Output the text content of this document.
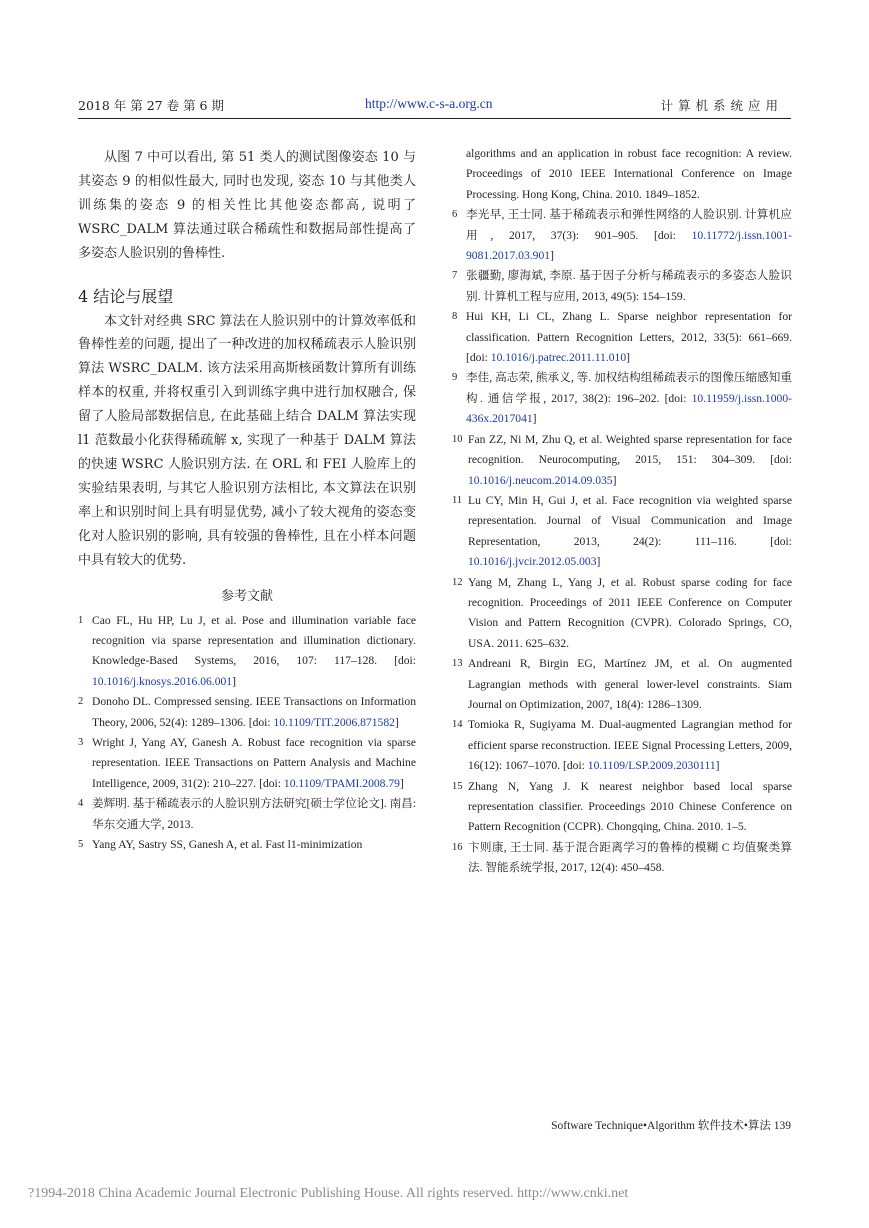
2018 年 第 27 卷 第 6 期	http://www.c-s-a.org.cn	计算机系统应用

从图 7 中可以看出, 第 51 类人的测试图像姿态 10 与其姿态 9 的相似性最大, 同时也发现, 姿态 10 与其他类人训练集的姿态 9 的相关性比其他姿态都高, 说明了 WSRC_DALM 算法通过联合稀疏性和数据局部性提高了多姿态人脸识别的鲁棒性.

4 结论与展望

本文针对经典 SRC 算法在人脸识别中的计算效率低和鲁棒性差的问题, 提出了一种改进的加权稀疏表示人脸识别算法 WSRC_DALM. 该方法采用高斯核函数计算所有训练样本的权重, 并将权重引入到训练字典中进行加权融合, 保留了人脸局部数据信息, 在此基础上结合 DALM 算法实现 l1 范数最小化获得稀疏解 x, 实现了一种基于 DALM 算法的快速 WSRC 人脸识别方法. 在 ORL 和 FEI 人脸库上的实验结果表明, 与其它人脸识别方法相比, 本文算法在识别率上和识别时间上具有明显优势, 减小了较大视角的姿态变化对人脸识别的影响, 具有较强的鲁棒性, 且在小样本问题中具有较大的优势.

参考文献
1 Cao FL, Hu HP, Lu J, et al. Pose and illumination variable face recognition via sparse representation and illumination dictionary. Knowledge-Based Systems, 2016, 107: 117–128. [doi: 10.1016/j.knosys.2016.06.001]
2 Donoho DL. Compressed sensing. IEEE Transactions on Information Theory, 2006, 52(4): 1289–1306. [doi: 10.1109/TIT.2006.871582]
3 Wright J, Yang AY, Ganesh A. Robust face recognition via sparse representation. IEEE Transactions on Pattern Analysis and Machine Intelligence, 2009, 31(2): 210–227. [doi: 10.1109/TPAMI.2008.79]
4 姜辉明. 基于稀疏表示的人脸识别方法研究[硕士学位论文]. 南昌: 华东交通大学, 2013.
5 Yang AY, Sastry SS, Ganesh A, et al. Fast l1-minimization
algorithms and an application in robust face recognition: A review. Proceedings of 2010 IEEE International Conference on Image Processing. Hong Kong, China. 2010. 1849–1852.
6 李光早, 王士同. 基于稀疏表示和弹性网络的人脸识别. 计算机应用, 2017, 37(3): 901–905. [doi: 10.11772/j.issn.1001-9081.2017.03.901]
7 张疆勤, 廖海斌, 李原. 基于因子分析与稀疏表示的多姿态人脸识别. 计算机工程与应用, 2013, 49(5): 154–159.
8 Hui KH, Li CL, Zhang L. Sparse neighbor representation for classification. Pattern Recognition Letters, 2012, 33(5): 661–669. [doi: 10.1016/j.patrec.2011.11.010]
9 李佳, 高志荣, 熊承义, 等. 加权结构组稀疏表示的图像压缩感知重构. 通信学报, 2017, 38(2): 196–202. [doi: 10.11959/j.issn.1000-436x.2017041]
10 Fan ZZ, Ni M, Zhu Q, et al. Weighted sparse representation for face recognition. Neurocomputing, 2015, 151: 304–309. [doi: 10.1016/j.neucom.2014.09.035]
11 Lu CY, Min H, Gui J, et al. Face recognition via weighted sparse representation. Journal of Visual Communication and Image Representation, 2013, 24(2): 111–116. [doi: 10.1016/j.jvcir.2012.05.003]
12 Yang M, Zhang L, Yang J, et al. Robust sparse coding for face recognition. Proceedings of 2011 IEEE Conference on Computer Vision and Pattern Recognition (CVPR). Colorado Springs, CO, USA. 2011. 625–632.
13 Andreani R, Birgin EG, Martínez JM, et al. On augmented Lagrangian methods with general lower-level constraints. Siam Journal on Optimization, 2007, 18(4): 1286–1309.
14 Tomioka R, Sugiyama M. Dual-augmented Lagrangian method for efficient sparse reconstruction. IEEE Signal Processing Letters, 2009, 16(12): 1067–1070. [doi: 10.1109/LSP.2009.2030111]
15 Zhang N, Yang J. K nearest neighbor based local sparse representation classifier. Proceedings 2010 Chinese Conference on Pattern Recognition (CCPR). Chongqing, China. 2010. 1–5.
16 卞则康, 王士同. 基于混合距离学习的鲁棒的模糊 C 均值聚类算法. 智能系统学报, 2017, 12(4): 450–458.
Software Technique•Algorithm 软件技术•算法 139
?1994-2018 China Academic Journal Electronic Publishing House. All rights reserved. http://www.cnki.net
